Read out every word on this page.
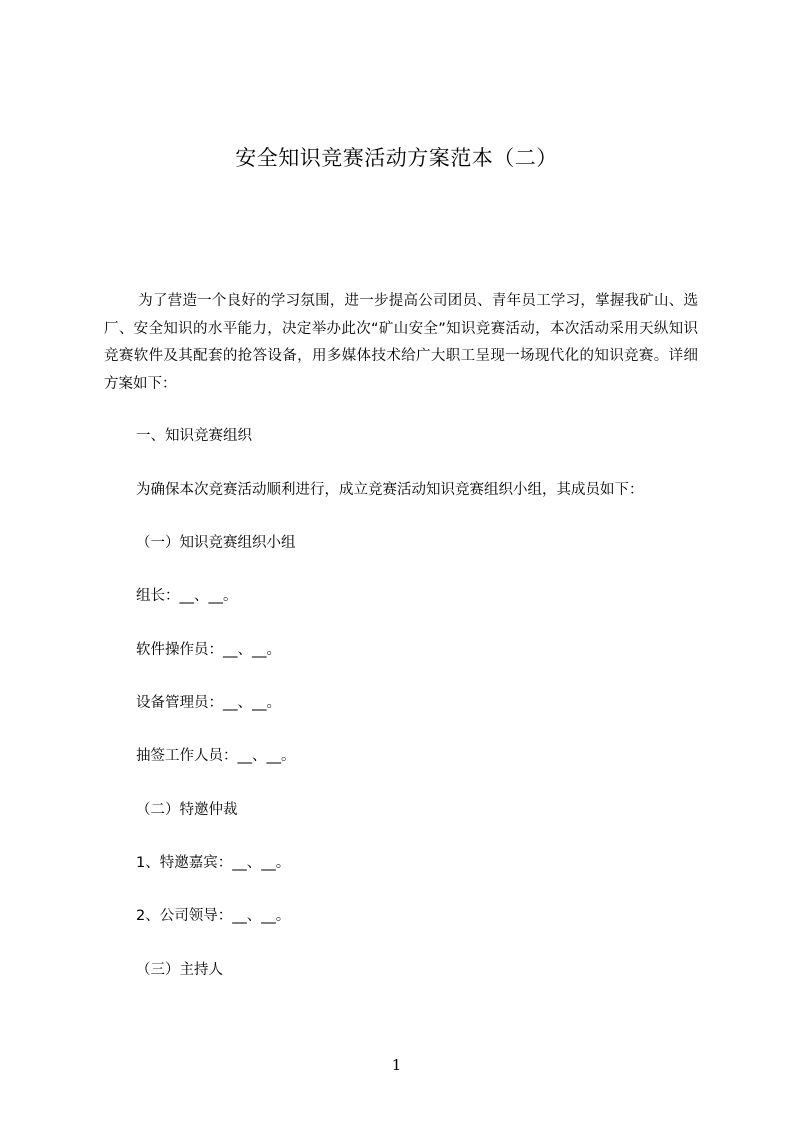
安全知识竞赛活动方案范本（二）
为了营造一个良好的学习氛围，进一步提高公司团员、青年员工学习，掌握我矿山、选厂、安全知识的水平能力，决定举办此次“矿山安全”知识竞赛活动，本次活动采用天纵知识竞赛软件及其配套的抢答设备，用多媒体技术给广大职工呈现一场现代化的知识竞赛。详细方案如下：
一、知识竞赛组织
为确保本次竞赛活动顺利进行，成立竞赛活动知识竞赛组织小组，其成员如下：
（一）知识竞赛组织小组
组长：__、__。
软件操作员：__、__。
设备管理员：__、__。
抽签工作人员：__、__。
（二）特邀仲裁
1、特邀嘉宾：__、__。
2、公司领导：__、__。
（三）主持人
1
